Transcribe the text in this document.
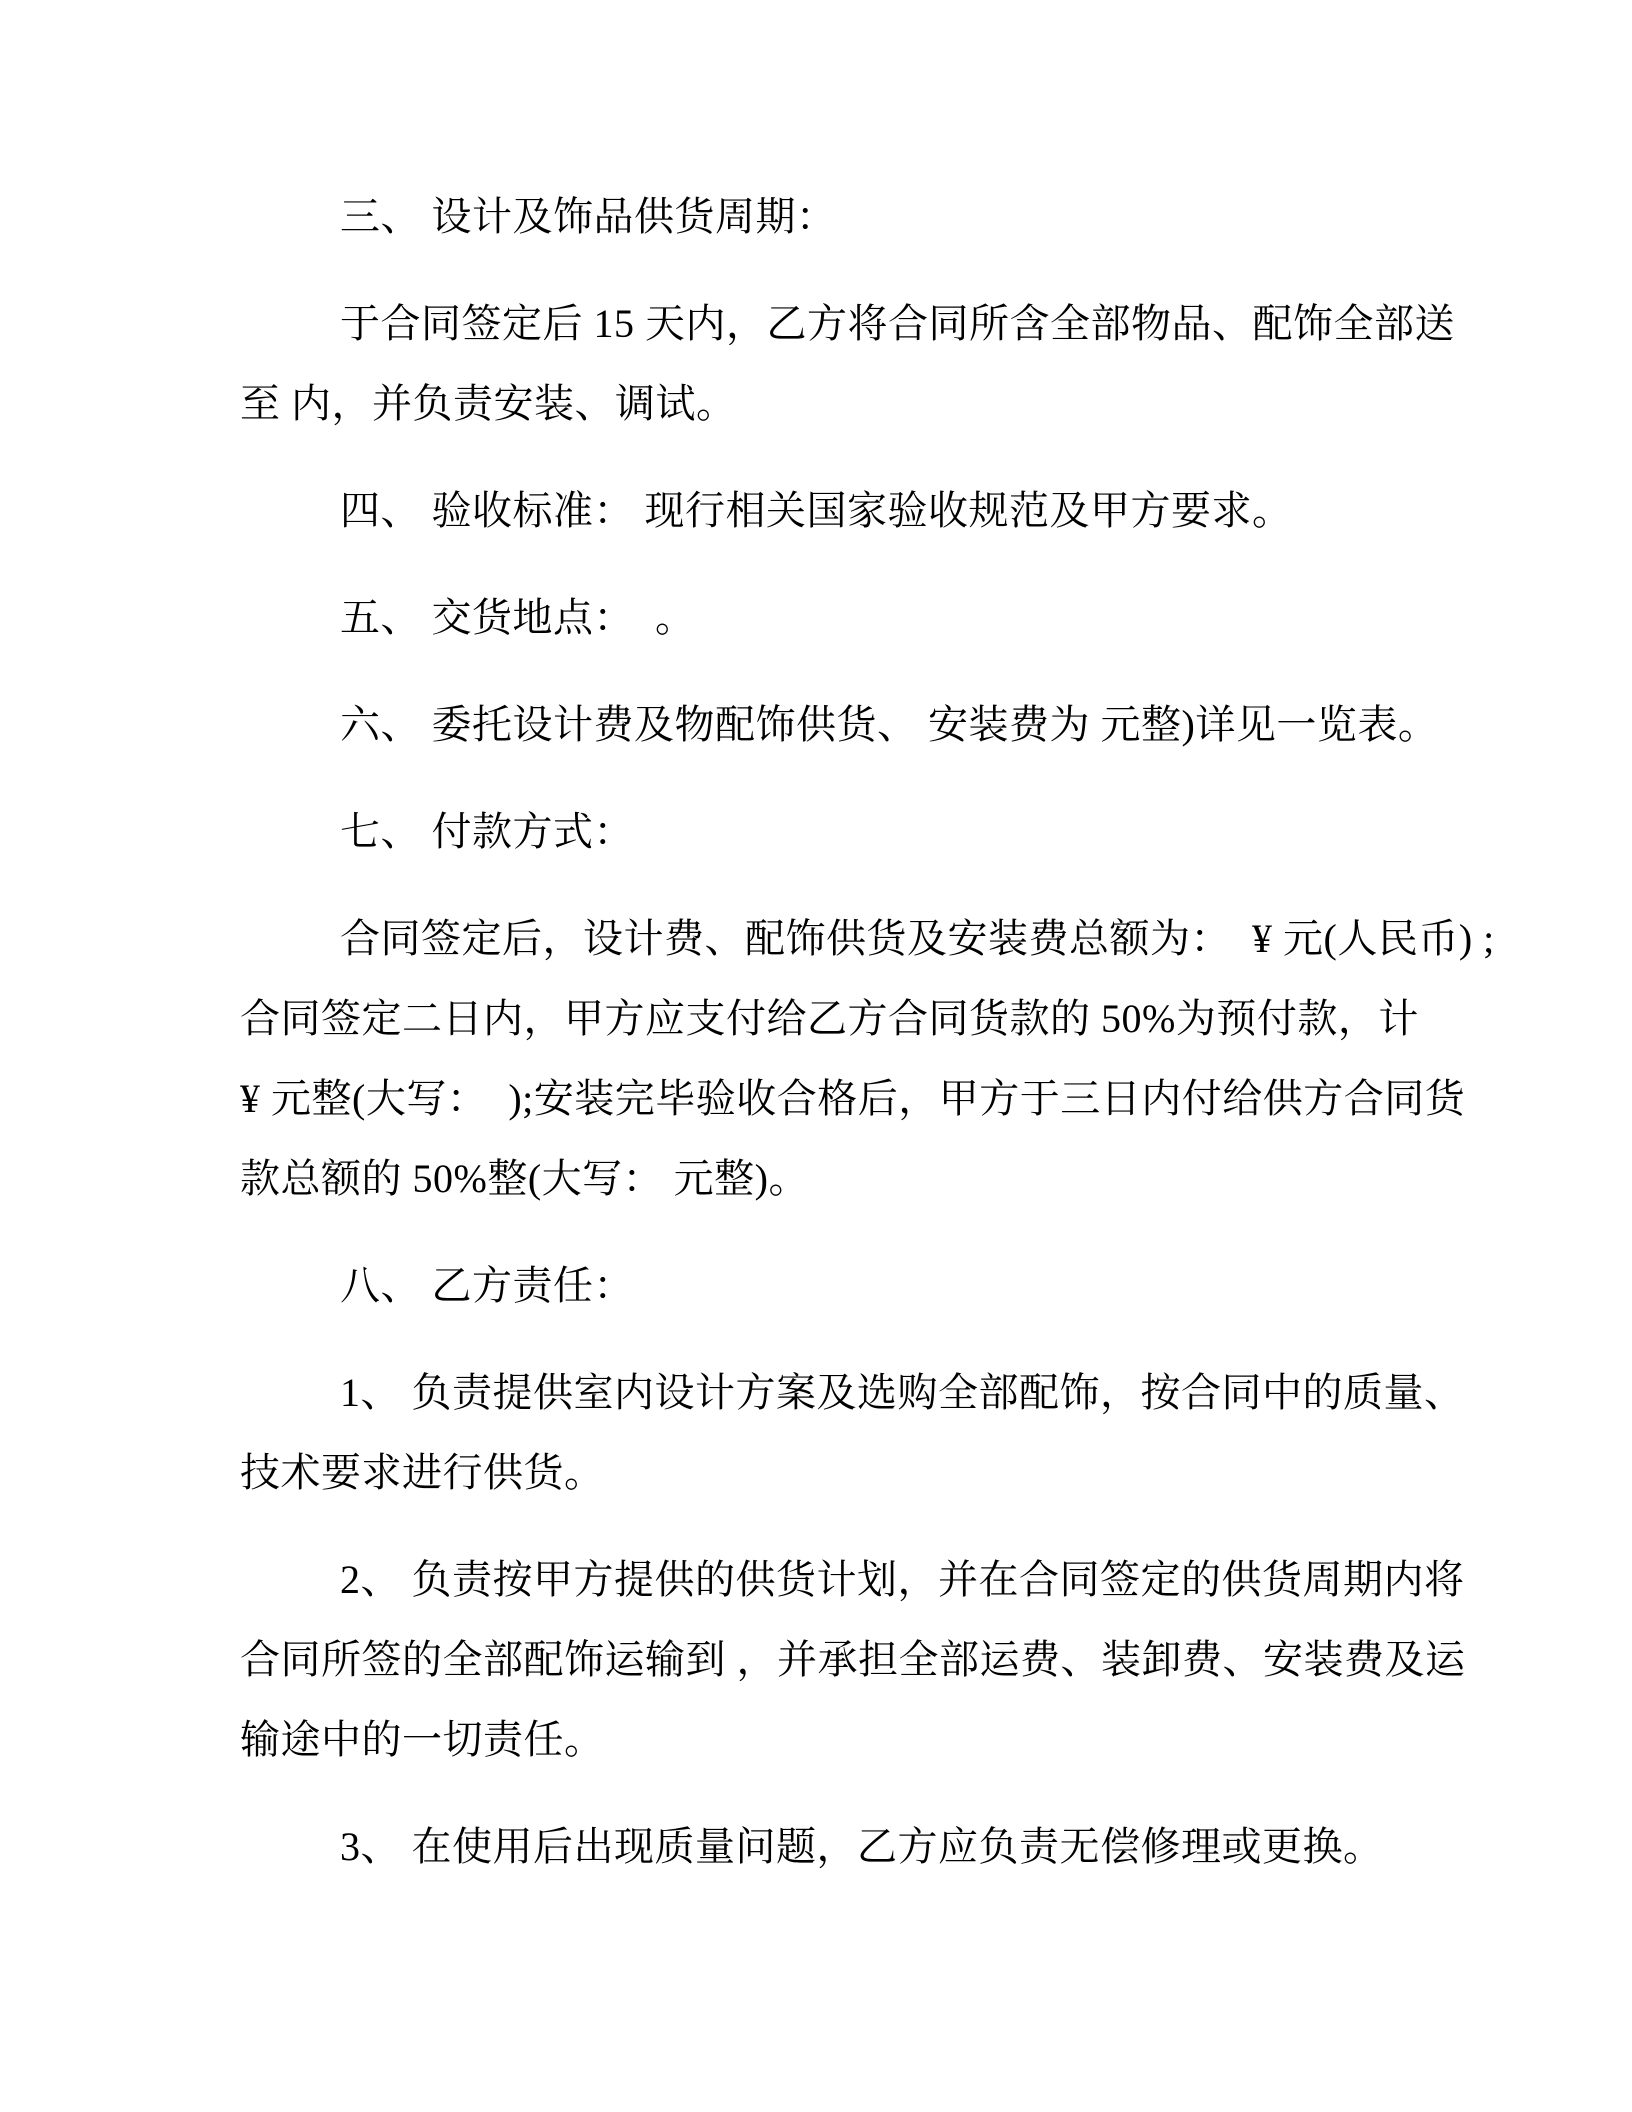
三、 设计及饰品供货周期：
于合同签定后 15 天内，乙方将合同所含全部物品、配饰全部送
至 内，并负责安装、调试。
四、 验收标准： 现行相关国家验收规范及甲方要求。
五、 交货地点：  。
六、 委托设计费及物配饰供货、 安装费为 元整)详见一览表。
七、 付款方式：
合同签定后，设计费、配饰供货及安装费总额为：  ¥ 元(人民币) ;
合同签定二日内，甲方应支付给乙方合同货款的 50%为预付款，计
¥ 元整(大写：  );安装完毕验收合格后，甲方于三日内付给供方合同货
款总额的 50%整(大写： 元整)。
八、 乙方责任：
1、 负责提供室内设计方案及选购全部配饰，按合同中的质量、
技术要求进行供货。
2、 负责按甲方提供的供货计划，并在合同签定的供货周期内将
合同所签的全部配饰运输到 ，并承担全部运费、装卸费、安装费及运
输途中的一切责任。
3、 在使用后出现质量问题，乙方应负责无偿修理或更换。
